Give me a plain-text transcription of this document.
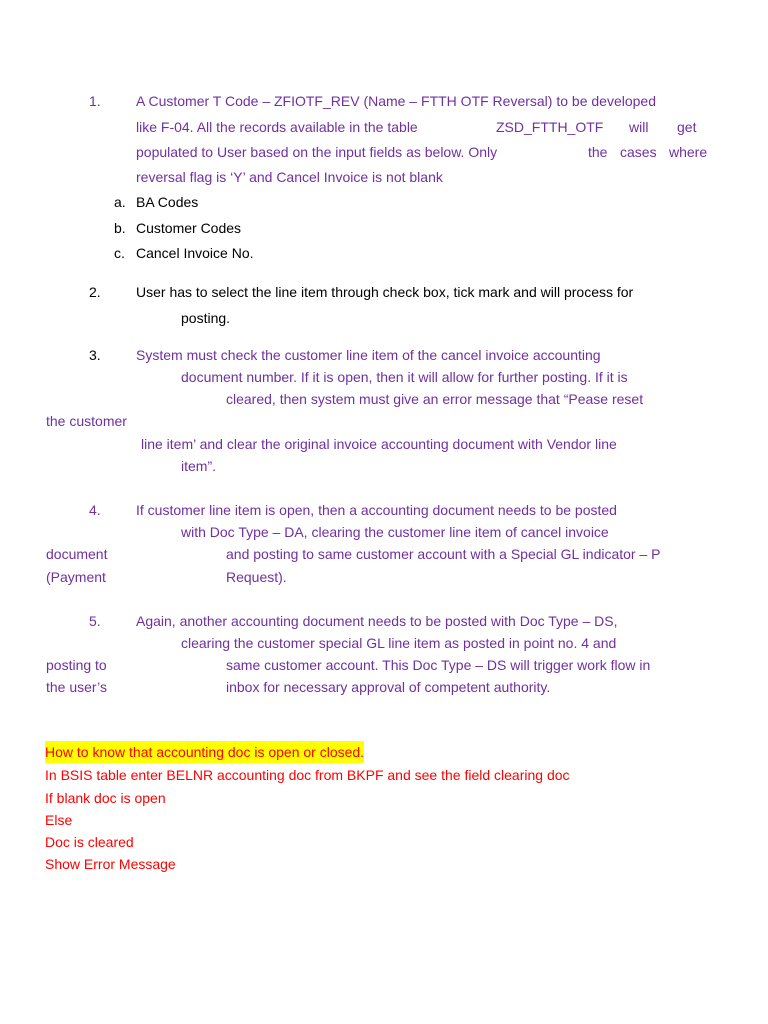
1.	A Customer T Code – ZFIOTF_REV (Name – FTTH OTF Reversal) to be developed
like F-04. All the records available in the table	ZSD_FTTH_OTF will get
populated to User based on the input fields as below. Only	the cases where
reversal flag is ‘Y’ and Cancel Invoice is not blank
a. BA Codes
b. Customer Codes
c. Cancel Invoice No.
2.	User has to select the line item through check box, tick mark and will process for
posting.
3.	System must check the customer line item of the cancel invoice accounting
document number. If it is open, then it will allow for further posting. If it is
cleared, then system must give an error message that “Pease reset
the customer
line item’ and clear the original invoice accounting document with Vendor line
item”.
4.	If customer line item is open, then a accounting document needs to be posted
with Doc Type – DA, clearing the customer line item of cancel invoice
document	and posting to same customer account with a Special GL indicator – P
(Payment	Request).
5.	Again, another accounting document needs to be posted with Doc Type – DS,
clearing the customer special GL line item as posted in point no. 4 and
posting to	same customer account. This Doc Type – DS will trigger work flow in
the user’s	inbox for necessary approval of competent authority.
How to know that accounting doc is open or closed.
In BSIS table enter BELNR accounting doc from BKPF and see the field clearing doc
If blank doc is open
Else
Doc is cleared
Show Error Message
